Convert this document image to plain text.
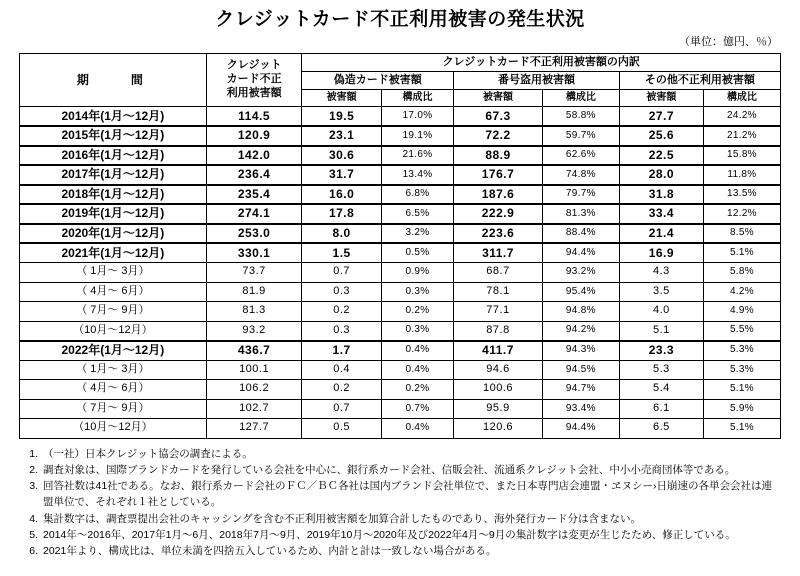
クレジットカード不正利用被害の発生状況
（単位：億円、％）
期　　間	クレジット
カード不正
利用被害額	クレジットカード不正利用被害額の内訳					
		偽造カード被害額		番号盗用被害額		その他不正利用被害額	
		被害額	構成比	被害額	構成比	被害額	構成比
2014年(1月～12月)	114.5	19.5	17.0%	67.3	58.8%	27.7	24.2%
2015年(1月～12月)	120.9	23.1	19.1%	72.2	59.7%	25.6	21.2%
2016年(1月～12月)	142.0	30.6	21.6%	88.9	62.6%	22.5	15.8%
2017年(1月～12月)	236.4	31.7	13.4%	176.7	74.8%	28.0	11.8%
2018年(1月～12月)	235.4	16.0	6.8%	187.6	79.7%	31.8	13.5%
2019年(1月～12月)	274.1	17.8	6.5%	222.9	81.3%	33.4	12.2%
2020年(1月～12月)	253.0	8.0	3.2%	223.6	88.4%	21.4	8.5%
2021年(1月～12月)	330.1	1.5	0.5%	311.7	94.4%	16.9	5.1%
（ 1月～ 3月）	73.7	0.7	0.9%	68.7	93.2%	4.3	5.8%
（ 4月～ 6月）	81.9	0.3	0.3%	78.1	95.4%	3.5	4.2%
（ 7月～ 9月）	81.3	0.2	0.2%	77.1	94.8%	4.0	4.9%
（10月～12月）	93.2	0.3	0.3%	87.8	94.2%	5.1	5.5%
2022年(1月～12月)	436.7	1.7	0.4%	411.7	94.3%	23.3	5.3%
（ 1月～ 3月）	100.1	0.4	0.4%	94.6	94.5%	5.3	5.3%
（ 4月～ 6月）	106.2	0.2	0.2%	100.6	94.7%	5.4	5.1%
（ 7月～ 9月）	102.7	0.7	0.7%	95.9	93.4%	6.1	5.9%
（10月～12月）	127.7	0.5	0.4%	120.6	94.4%	6.5	5.1%
1. （一社）日本クレジット協会の調査による。
2. 調査対象は、国際ブランドカードを発行している会社を中心に、銀行系カード会社、信販会社、流通系クレジット会社、中小小売商団体等である。
3. 回答社数は41社である。なお、銀行系カード会社のＦＣ／ＢＣ各社は国内ブランド会社単位で、また日本専門店会連盟・ヱヌシー›日崩速の各単会会社は連盟単位で、それぞれ１社としている。
4. 集計数字は、調査票提出会社のキャッシングを含む不正利用被害額を加算合計したものであり、海外発行カード分は含まない。
5. 2014年～2016年、2017年1月～6月、2018年7月～9月、2019年10月～2020年及び2022年4月～9月の集計数字は変更が生じたため、修正している。
6. 2021年より、構成比は、単位未満を四捨五入しているため、内計と計は一致しない場合がある。
